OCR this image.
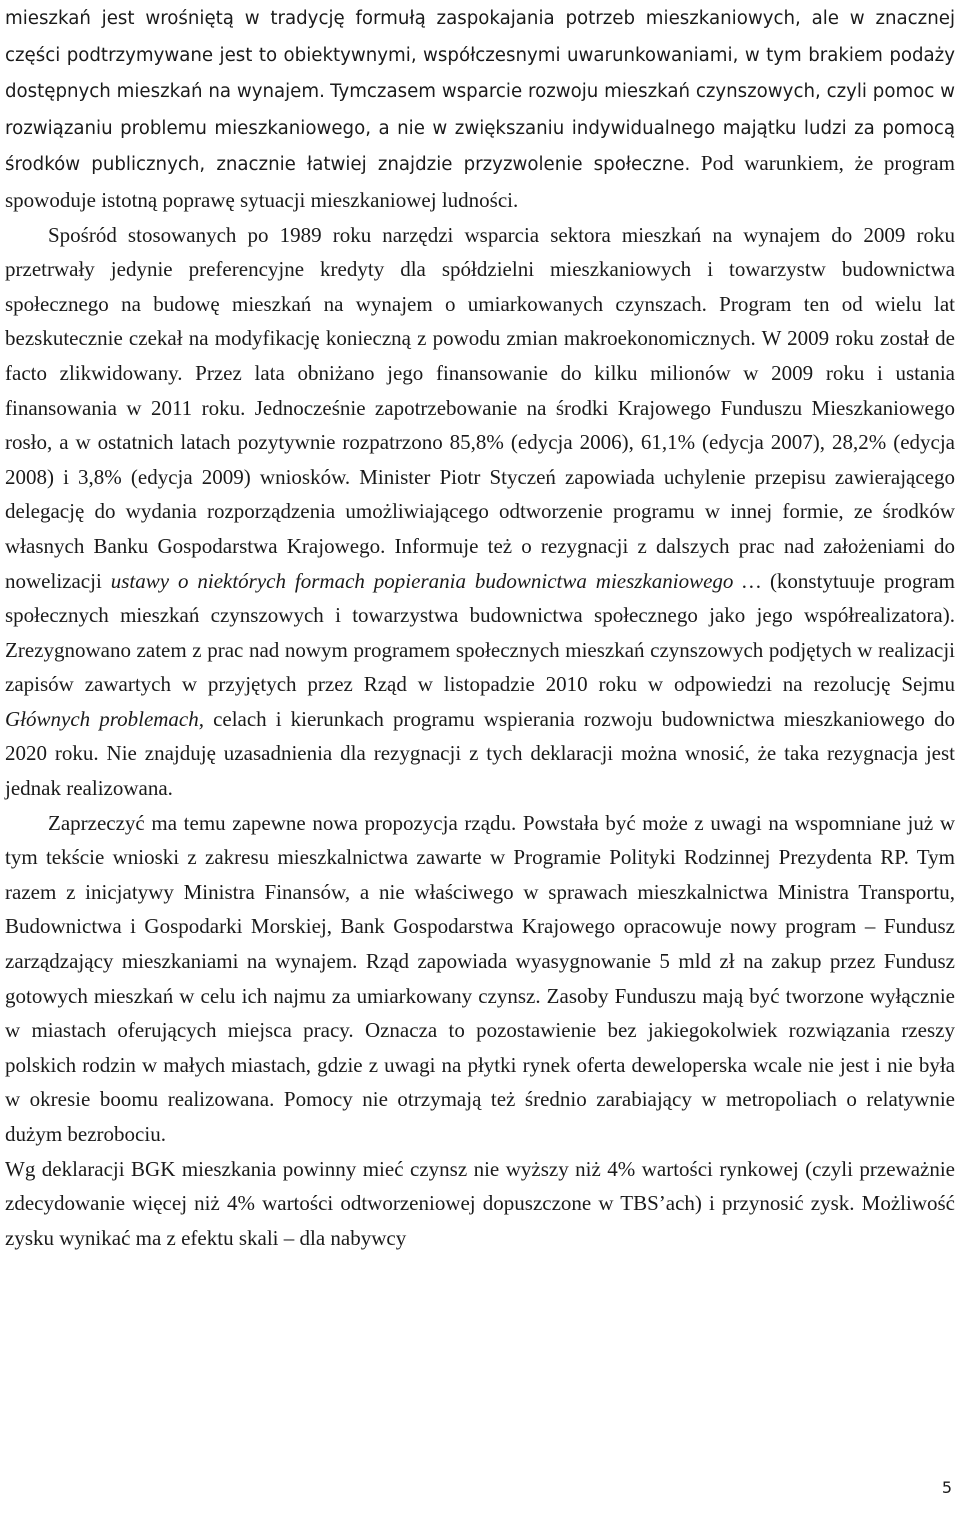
mieszkań jest wrośniętą w tradycję formułą zaspokajania potrzeb mieszkaniowych, ale w znacznej części podtrzymywane jest to obiektywnymi, współczesnymi uwarunkowaniami, w tym brakiem podaży dostępnych mieszkań na wynajem. Tymczasem wsparcie rozwoju mieszkań czynszowych, czyli pomoc w rozwiązaniu problemu mieszkaniowego, a nie w zwiększaniu indywidualnego majątku ludzi za pomocą środków publicznych, znacznie łatwiej znajdzie przyzwolenie społeczne. Pod warunkiem, że program spowoduje istotną poprawę sytuacji mieszkaniowej ludności.

Spośród stosowanych po 1989 roku narzędzi wsparcia sektora mieszkań na wynajem do 2009 roku przetrwały jedynie preferencyjne kredyty dla spółdzielni mieszkaniowych i towarzystw budownictwa społecznego na budowę mieszkań na wynajem o umiarkowanych czynszach. Program ten od wielu lat bezskutecznie czekał na modyfikację konieczną z powodu zmian makroekonomicznych. W 2009 roku został de facto zlikwidowany. Przez lata obniżano jego finansowanie do kilku milionów w 2009 roku i ustania finansowania w 2011 roku. Jednocześnie zapotrzebowanie na środki Krajowego Funduszu Mieszkaniowego rosło, a w ostatnich latach pozytywnie rozpatrzono 85,8% (edycja 2006), 61,1% (edycja 2007), 28,2% (edycja 2008) i 3,8% (edycja 2009) wniosków. Minister Piotr Styczeń zapowiada uchylenie przepisu zawierającego delegację do wydania rozporządzenia umożliwiającego odtworzenie programu w innej formie, ze środków własnych Banku Gospodarstwa Krajowego. Informuje też o rezygnacji z dalszych prac nad założeniami do nowelizacji ustawy o niektórych formach popierania budownictwa mieszkaniowego … (konstytuuje program społecznych mieszkań czynszowych i towarzystwa budownictwa społecznego jako jego współrealizatora). Zrezygnowano zatem z prac nad nowym programem społecznych mieszkań czynszowych podjętych w realizacji zapisów zawartych w przyjętych przez Rząd w listopadzie 2010 roku w odpowiedzi na rezolucję Sejmu Głównych problemach, celach i kierunkach programu wspierania rozwoju budownictwa mieszkaniowego do 2020 roku. Nie znajduję uzasadnienia dla rezygnacji z tych deklaracji można wnosić, że taka rezygnacja jest jednak realizowana.

Zaprzeczyć ma temu zapewne nowa propozycja rządu. Powstała być może z uwagi na wspomniane już w tym tekście wnioski z zakresu mieszkalnictwa zawarte w Programie Polityki Rodzinnej Prezydenta RP. Tym razem z inicjatywy Ministra Finansów, a nie właściwego w sprawach mieszkalnictwa Ministra Transportu, Budownictwa i Gospodarki Morskiej, Bank Gospodarstwa Krajowego opracowuje nowy program – Fundusz zarządzający mieszkaniami na wynajem. Rząd zapowiada wyasygnowanie 5 mld zł na zakup przez Fundusz gotowych mieszkań w celu ich najmu za umiarkowany czynsz. Zasoby Funduszu mają być tworzone wyłącznie w miastach oferujących miejsca pracy. Oznacza to pozostawienie bez jakiegokolwiek rozwiązania rzeszy polskich rodzin w małych miastach, gdzie z uwagi na płytki rynek oferta deweloperska wcale nie jest i nie była w okresie boomu realizowana. Pomocy nie otrzymają też średnio zarabiający w metropoliach o relatywnie dużym bezrobociu.

Wg deklaracji BGK mieszkania powinny mieć czynsz nie wyższy niż 4% wartości rynkowej (czyli przeważnie zdecydowanie więcej niż 4% wartości odtworzeniowej dopuszczone w TBS’ach) i przynosić zysk. Możliwość zysku wynikać ma z efektu skali – dla nabywcy

5
